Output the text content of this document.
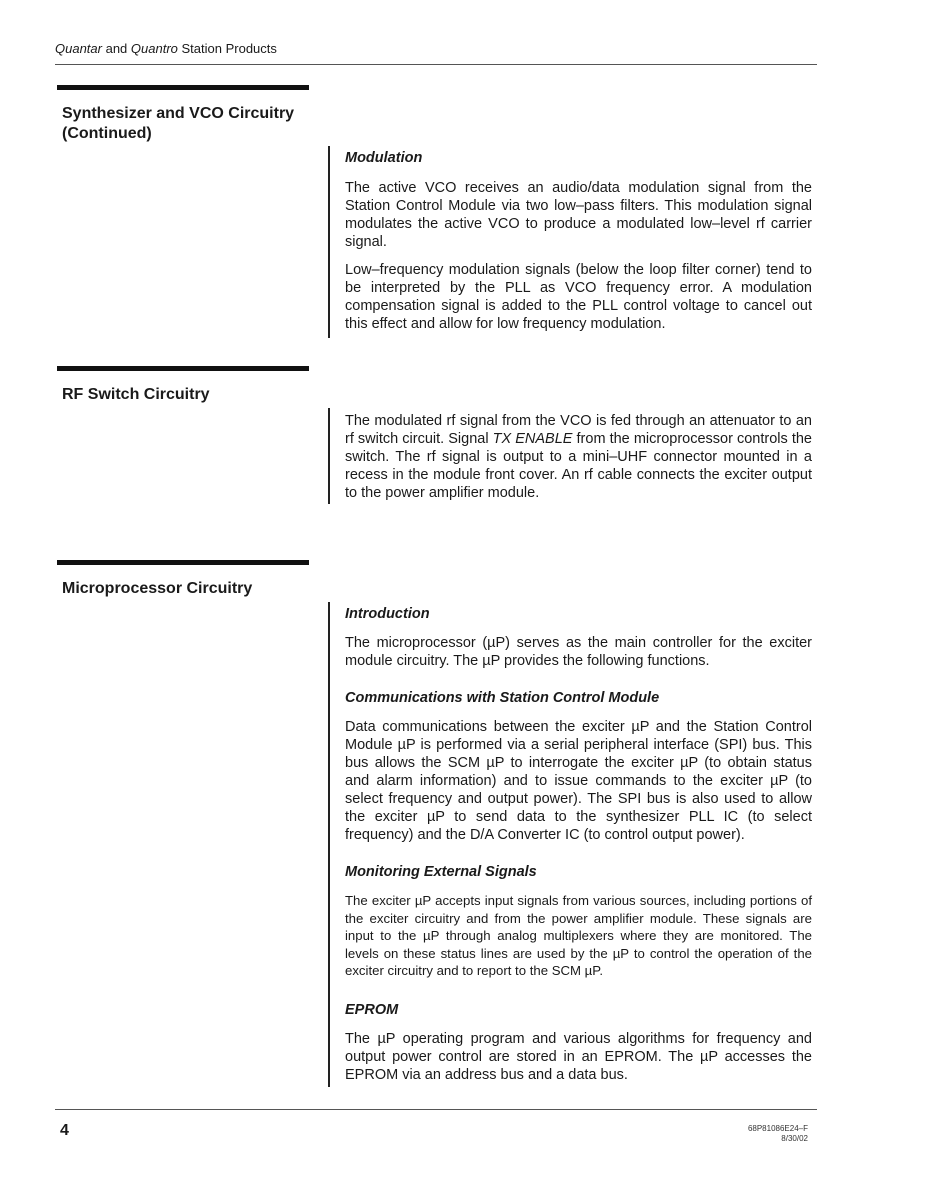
Quantar and Quantro Station Products
Synthesizer and VCO Circuitry (Continued)
Modulation
The active VCO receives an audio/data modulation signal from the Station Control Module via two low–pass filters. This modulation signal modulates the active VCO to produce a modulated low–level rf carrier signal.
Low–frequency modulation signals (below the loop filter corner) tend to be interpreted by the PLL as VCO frequency error. A modulation compensation signal is added to the PLL control voltage to cancel out this effect and allow for low frequency modulation.
RF Switch Circuitry
The modulated rf signal from the VCO is fed through an attenuator to an rf switch circuit. Signal TX ENABLE from the microprocessor controls the switch. The rf signal is output to a mini–UHF connector mounted in a recess in the module front cover. An rf cable connects the exciter output to the power amplifier module.
Microprocessor Circuitry
Introduction
The microprocessor (µP) serves as the main controller for the exciter module circuitry. The µP provides the following functions.
Communications with Station Control Module
Data communications between the exciter µP and the Station Control Module µP is performed via a serial peripheral interface (SPI) bus. This bus allows the SCM µP to interrogate the exciter µP (to obtain status and alarm information) and to issue commands to the exciter µP (to select frequency and output power). The SPI bus is also used to allow the exciter µP to send data to the synthesizer PLL IC (to select frequency) and the D/A Converter IC (to control output power).
Monitoring External Signals
The exciter µP accepts input signals from various sources, including portions of the exciter circuitry and from the power amplifier module. These signals are input to the µP through analog multiplexers where they are monitored. The levels on these status lines are used by the µP to control the operation of the exciter circuitry and to report to the SCM µP.
EPROM
The µP operating program and various algorithms for frequency and output power control are stored in an EPROM. The µP accesses the EPROM via an address bus and a data bus.
4	68P81086E24–F
8/30/02
